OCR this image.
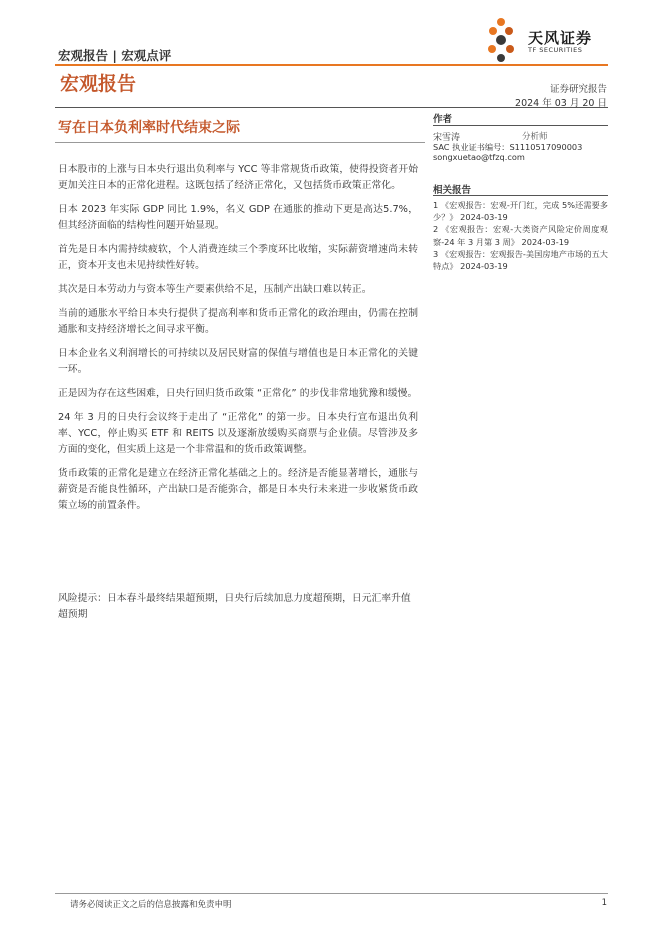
宏观报告 | 宏观点评
天风证券
TF SECURITIES
宏观报告	证券研究报告
2024 年 03 月 20 日
写在日本负利率时代结束之际

日本股市的上涨与日本央行退出负利率与 YCC 等非常规货币政策，使得投资者开始更加关注日本的正常化进程。这既包括了经济正常化，又包括货币政策正常化。

日本 2023 年实际 GDP 同比 1.9%，名义 GDP 在通胀的推动下更是高达5.7%，但其经济面临的结构性问题开始显现。

首先是日本内需持续疲软，个人消费连续三个季度环比收缩，实际薪资增速尚未转正，资本开支也未见持续性好转。

其次是日本劳动力与资本等生产要素供给不足，压制产出缺口难以转正。

当前的通胀水平给日本央行提供了提高利率和货币正常化的政治理由，仍需在控制通胀和支持经济增长之间寻求平衡。

日本企业名义利润增长的可持续以及居民财富的保值与增值也是日本正常化的关键一环。

正是因为存在这些困难，日央行回归货币政策 “正常化” 的步伐非常地犹豫和缓慢。

24 年 3 月的日央行会议终于走出了 “正常化” 的第一步。日本央行宣布退出负利率、YCC，停止购买 ETF 和 REITS 以及逐渐放缓购买商票与企业债。尽管涉及多方面的变化，但实质上这是一个非常温和的货币政策调整。

货币政策的正常化是建立在经济正常化基础之上的。经济是否能显著增长，通胀与薪资是否能良性循环，产出缺口是否能弥合，都是日本央行未来进一步收紧货币政策立场的前置条件。

风险提示：日本春斗最终结果超预期，日央行后续加息力度超预期，日元汇率升值超预期
作者
宋雪涛	分析师
SAC 执业证书编号：S1110517090003
songxuetao@tfzq.com
相关报告
1 《宏观报告：宏观-开门红，完成 5%还需要多少？》 2024-03-19
2 《宏观报告：宏观-大类资产风险定价周度观察-24 年 3 月第 3 周》 2024-03-19
3 《宏观报告：宏观报告-美国房地产市场的五大特点》 2024-03-19
请务必阅读正文之后的信息披露和免责申明	1
